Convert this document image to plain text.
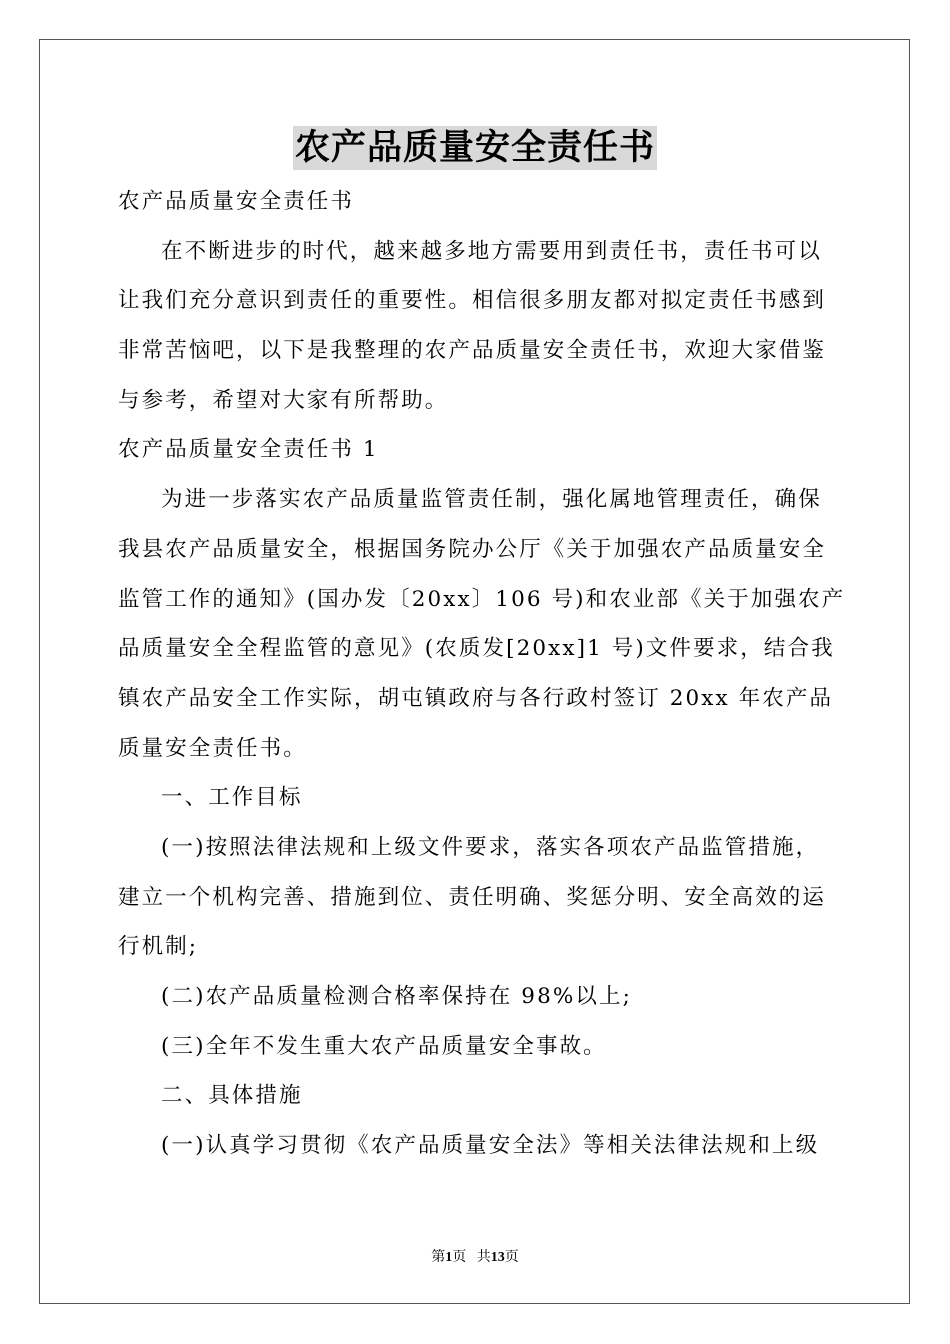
农产品质量安全责任书
农产品质量安全责任书
在不断进步的时代，越来越多地方需要用到责任书，责任书可以
让我们充分意识到责任的重要性。相信很多朋友都对拟定责任书感到
非常苦恼吧，以下是我整理的农产品质量安全责任书，欢迎大家借鉴
与参考，希望对大家有所帮助。
农产品质量安全责任书 1
为进一步落实农产品质量监管责任制，强化属地管理责任，确保
我县农产品质量安全，根据国务院办公厅《关于加强农产品质量安全
监管工作的通知》(国办发〔20xx〕106 号)和农业部《关于加强农产
品质量安全全程监管的意见》(农质发[20xx]1 号)文件要求，结合我
镇农产品安全工作实际，胡屯镇政府与各行政村签订 20xx 年农产品
质量安全责任书。
一、工作目标
(一)按照法律法规和上级文件要求，落实各项农产品监管措施，
建立一个机构完善、措施到位、责任明确、奖惩分明、安全高效的运
行机制;
(二)农产品质量检测合格率保持在 98%以上;
(三)全年不发生重大农产品质量安全事故。
二、具体措施
(一)认真学习贯彻《农产品质量安全法》等相关法律法规和上级
第1页 共13页
